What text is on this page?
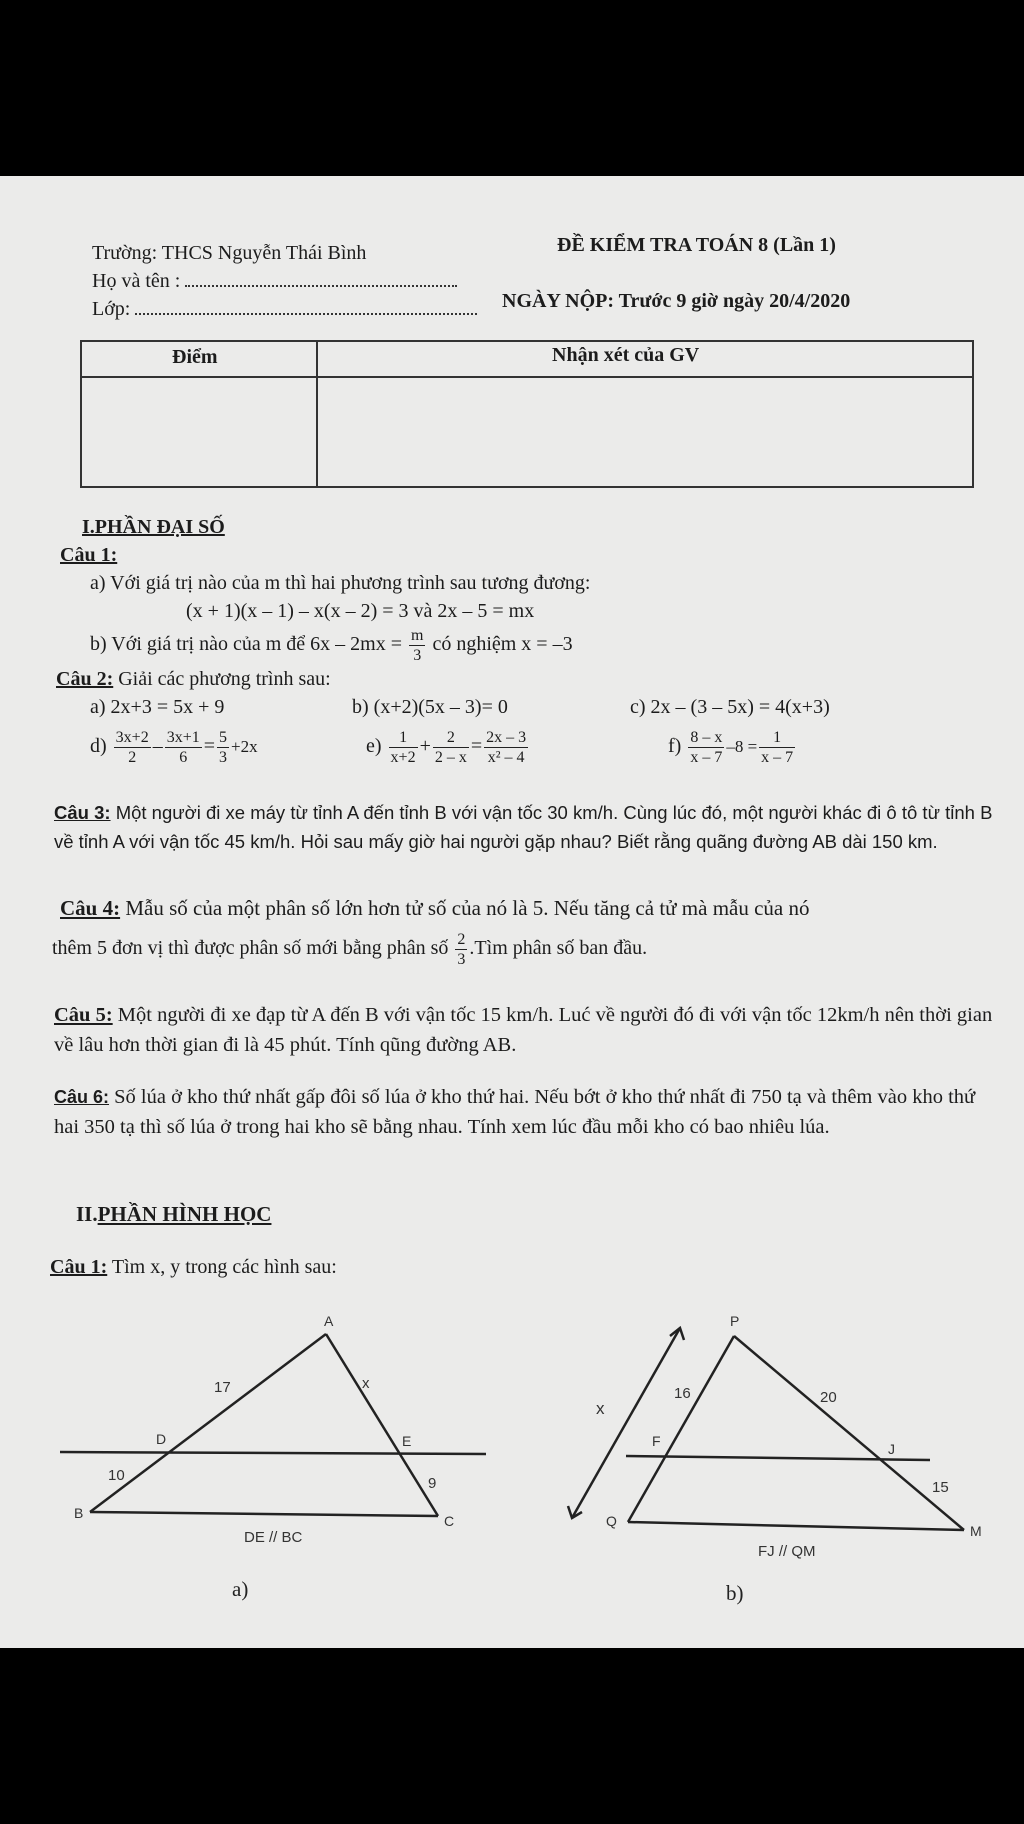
Trường: THCS Nguyễn Thái Bình
Họ và tên :
Lớp:
ĐỀ KIỂM TRA TOÁN 8 (Lần 1)
NGÀY NỘP: Trước 9 giờ ngày 20/4/2020
Điểm	Nhận xét của GV
I.PHẦN ĐẠI SỐ
Câu 1:
a) Với giá trị nào của m thì hai phương trình sau tương đương:
(x + 1)(x – 1) – x(x – 2) = 3 và 2x – 5 = mx
b) Với giá trị nào của m để $6x - 2mx = \frac{m}{3}$ có nghiệm x = –3
Câu 2: Giải các phương trình sau:
a) 2x+3 = 5x + 9	b) (x+2)(5x – 3)= 0	c) 2x – (3 – 5x) = 4(x+3)
$d) \frac{3x+2}{2} - \frac{3x+1}{6} = \frac{5}{3} +2x$	$e) \frac{1}{x+2} + \frac{2}{2 - x} = \frac{2x - 3}{\text{x² – 4}}$	$f) \frac{8 - x}{x - 7} -8 = \frac{1}{x - 7}$
Câu 3: Một người đi xe máy từ tỉnh A đến tỉnh B với vận tốc 30 km/h. Cùng lúc đó, một người khác đi ô tô từ tỉnh B về tỉnh A với vận tốc 45 km/h. Hỏi sau mấy giờ hai người gặp nhau? Biết rằng quãng đường AB dài 150 km.
Câu 4: Mẫu số của một phân số lớn hơn tử số của nó là 5. Nếu tăng cả tử mà mẫu của nó
thêm 5 đơn vị thì được phân số mới bằng phân số $\frac{2}{3}$ .Tìm phân số ban đầu.
Câu 5: Một người đi xe đạp từ A đến B với vận tốc 15 km/h. Luć về người đó đi với vận tốc 12km/h nên thời gian về lâu hơn thời gian đi là 45 phút. Tính qũng đường AB.
Câu 6: Số lúa ở kho thứ nhất gấp đôi số lúa ở kho thứ hai. Nếu bớt ở kho thứ nhất đi 750 tạ và thêm vào kho thứ hai 350 tạ thì số lúa ở trong hai kho sẽ bằng nhau. Tính xem lúc đầu mỗi kho có bao nhiêu lúa.
II.PHẦN HÌNH HỌC
Câu 1: Tìm x, y trong các hình sau:
A
B	C
D	E
17
10
x
9
DE // BC
a)
P
Q
M
F	J
16	20
15
x
FJ // QM
b)
